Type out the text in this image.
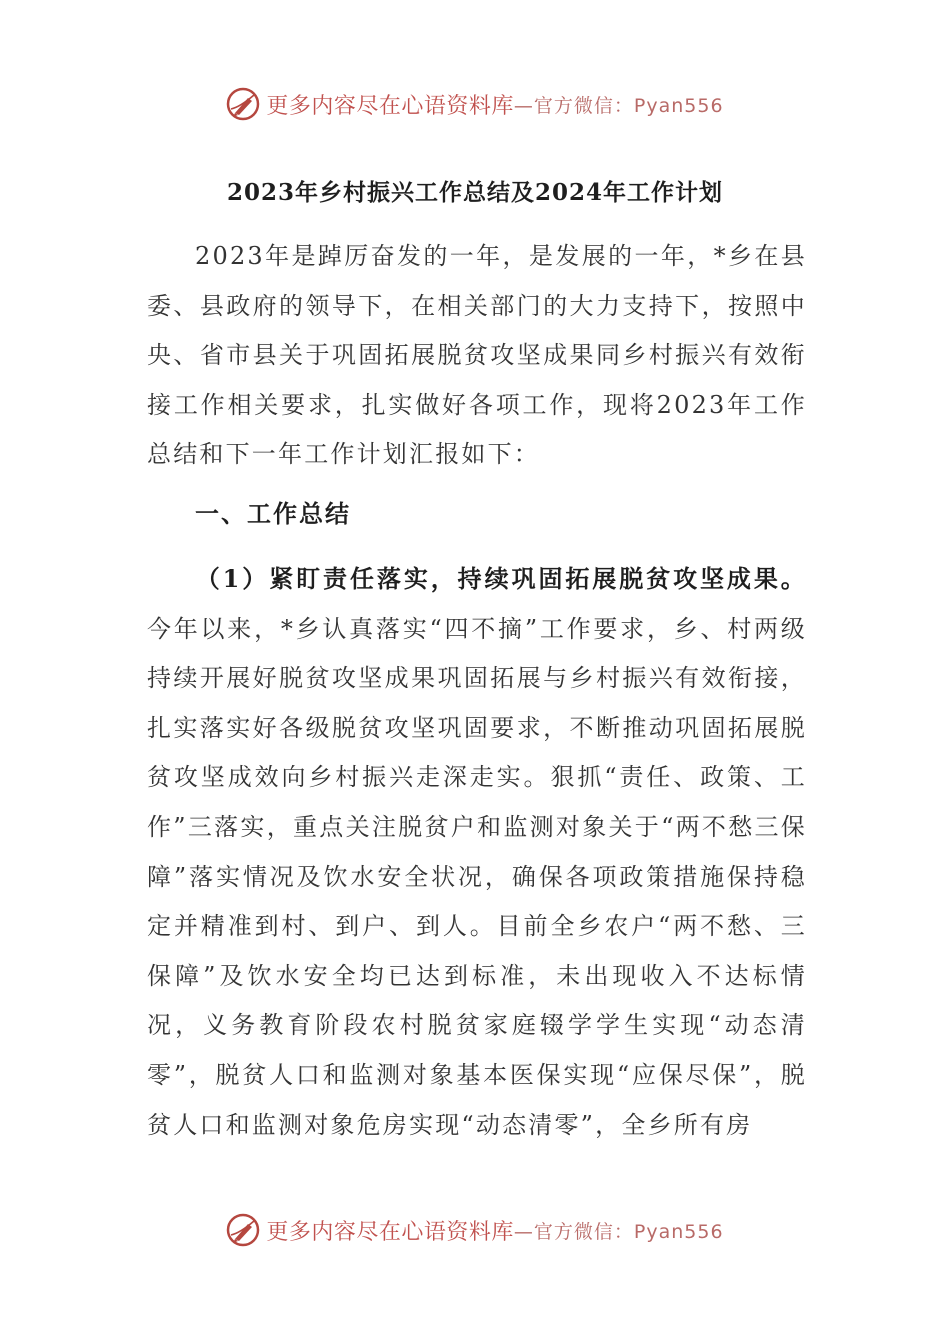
更多内容尽在心语资料库 —官方微信：Pyan556
2023年乡村振兴工作总结及2024年工作计划
2023年是踔厉奋发的一年，是发展的一年，*乡在县委、县政府的领导下，在相关部门的大力支持下，按照中央、省市县关于巩固拓展脱贫攻坚成果同乡村振兴有效衔接工作相关要求，扎实做好各项工作，现将2023年工作总结和下一年工作计划汇报如下：
一、工作总结
（1）紧盯责任落实，持续巩固拓展脱贫攻坚成果。今年以来，*乡认真落实“四不摘”工作要求，乡、村两级持续开展好脱贫攻坚成果巩固拓展与乡村振兴有效衔接，扎实落实好各级脱贫攻坚巩固要求，不断推动巩固拓展脱贫攻坚成效向乡村振兴走深走实。狠抓“责任、政策、工作”三落实，重点关注脱贫户和监测对象关于“两不愁三保障”落实情况及饮水安全状况，确保各项政策措施保持稳定并精准到村、到户、到人。目前全乡农户“两不愁、三保障”及饮水安全均已达到标准，未出现收入不达标情况，义务教育阶段农村脱贫家庭辍学学生实现“动态清零”，脱贫人口和监测对象基本医保实现“应保尽保”，脱贫人口和监测对象危房实现“动态清零”，全乡所有房
更多内容尽在心语资料库 —官方微信：Pyan556
